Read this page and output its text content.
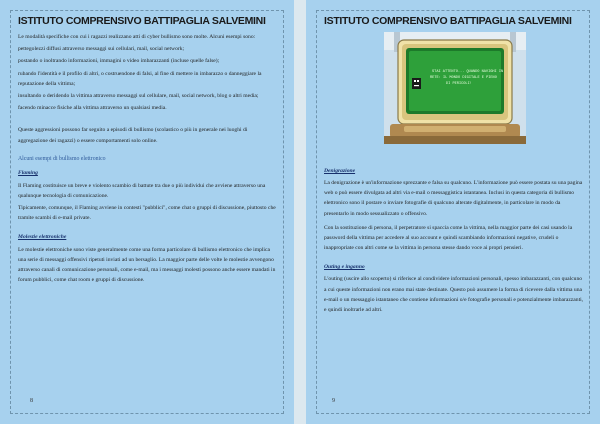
ISTITUTO COMPRENSIVO BATTIPAGLIA SALVEMINI

Le modalità specifiche con cui i ragazzi realizzano atti di cyber bullismo sono molte. Alcuni esempi sono:

pettegolezzi diffusi attraverso messaggi sui cellulari, mail, social network;

postando o inoltrando informazioni, immagini o video imbarazzanti (incluse quelle false);

rubando l'identità e il profilo di altri, o costruendone di falsi, al fine di mettere in imbarazzo o danneggiare la reputazione della vittima;

insultando o deridendo la vittima attraverso messaggi sul cellulare, mail, social network, blog o altri media;

facendo minacce fisiche alla vittima attraverso un qualsiasi media.

Queste aggressioni possono far seguito a episodi di bullismo (scolastico o più in generale nei luoghi di aggregazione dei ragazzi) o essere comportamenti solo online.

Alcuni esempi di bullismo elettronico
Flaming

Il Flaming costituisce un breve e violento scambio di battute tra due o più individui che avviene attraverso una qualunque tecnologia di comunicazione.

Tipicamente, comunque, il Flaming avviene in contesti "pubblici", come chat o gruppi di discussione, piuttosto che tramite scambi di e-mail private.

Molestie elettroniche

Le molestie elettroniche sono viste generalmente come una forma particolare di bullismo elettronico che implica una serie di messaggi offensivi ripetuti inviati ad un bersaglio. La maggior parte delle volte le molestie avvengono attraverso canali di comunicazione personali, come e-mail, ma i messaggi molesti possono anche essere mandati in forum pubblici, come chat room e gruppi di discussione.

8
ISTITUTO COMPRENSIVO BATTIPAGLIA SALVEMINI
STAI ATTENTO... QUANDO NAVIGHI IN
RETE: IL MONDO DIGITALE E PIENO
DI PERICOLI!
Denigrazione

La denigrazione è un'informazione sprezzante e falsa su qualcuno. L'informazione può essere postata su una pagina web o può essere divulgata ad altri via e-mail o messaggistica istantanea. Inclusi in questa categoria di bullismo elettronico sono il postare o inviare fotografie di qualcuno alterate digitalmente, in particolare in modo da presentarlo in modo sessualizzato o offensivo.

Con la sostituzione di persona, il perpetratore si spaccia come la vittima, nella maggior parte dei casi usando la password della vittima per accedere al suo account e quindi scambiando informazioni negative, crudeli o inappropriate con altri come se la vittima in persona stesse dando voce ai propri pensieri.

Outing e inganno

L'outing (uscire allo scoperto) si riferisce al condividere informazioni personali, spesso imbarazzanti, con qualcuno a cui queste informazioni non erano mai state destinate. Questo può assumere la forma di ricevere dalla vittima una e-mail o un messaggio istantaneo che contiene informazioni o/e fotografie personali e potenzialmente imbarazzanti, e quindi inoltrarle ad altri.

9
